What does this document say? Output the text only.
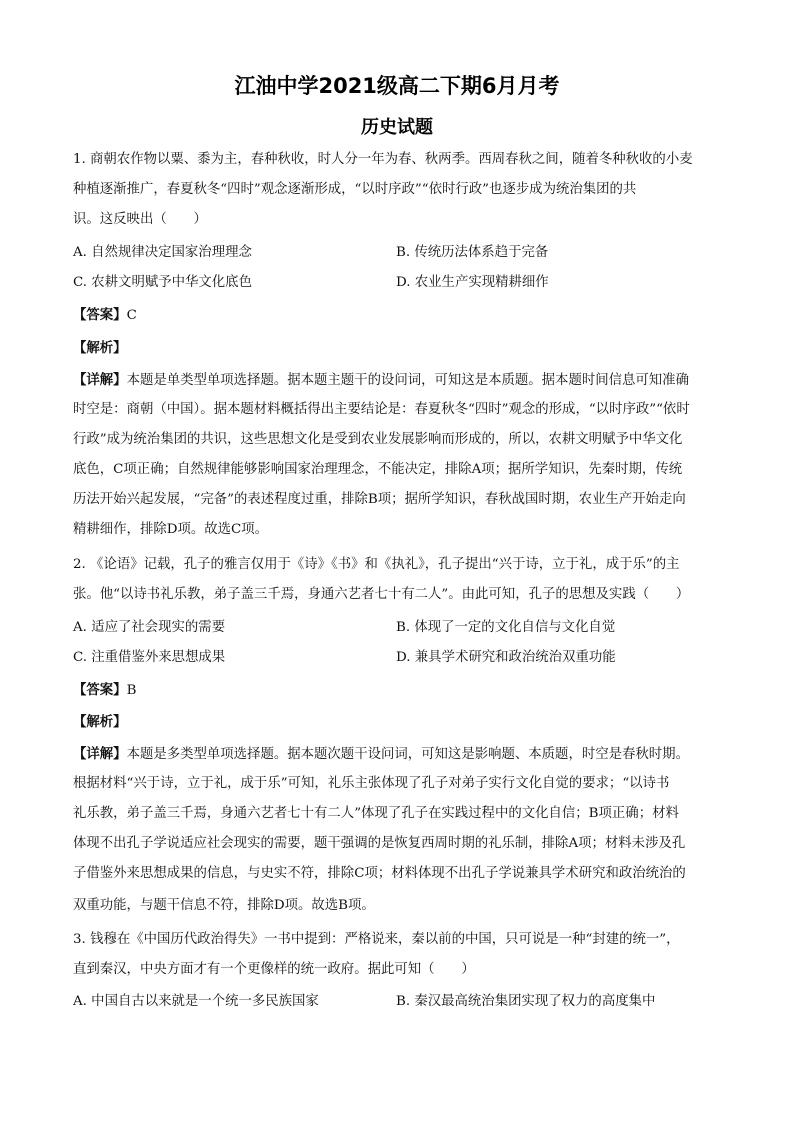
江油中学2021级高二下期6月月考
历史试题
1. 商朝农作物以粟、黍为主，春种秋收，时人分一年为春、秋两季。西周春秋之间，随着冬种秋收的小麦
种植逐渐推广，春夏秋冬“四时”观念逐渐形成，“以时序政”“依时行政”也逐步成为统治集团的共
识。这反映出（　　）
A. 自然规律决定国家治理理念	B. 传统历法体系趋于完备
C. 农耕文明赋予中华文化底色	D. 农业生产实现精耕细作
【答案】C
【解析】
【详解】本题是单类型单项选择题。据本题主题干的设问词，可知这是本质题。据本题时间信息可知准确
时空是：商朝（中国）。据本题材料概括得出主要结论是：春夏秋冬“四时”观念的形成，“以时序政”“依时
行政”成为统治集团的共识，这些思想文化是受到农业发展影响而形成的，所以，农耕文明赋予中华文化
底色，C项正确；自然规律能够影响国家治理理念，不能决定，排除A项；据所学知识，先秦时期，传统
历法开始兴起发展，“完备”的表述程度过重，排除B项；据所学知识，春秋战国时期，农业生产开始走向
精耕细作，排除D项。故选C项。
2. 《论语》记载，孔子的雅言仅用于《诗》《书》和《执礼》，孔子提出“兴于诗，立于礼，成于乐”的主
张。他“以诗书礼乐教，弟子盖三千焉，身通六艺者七十有二人”。由此可知，孔子的思想及实践（　　）
A. 适应了社会现实的需要	B. 体现了一定的文化自信与文化自觉
C. 注重借鉴外来思想成果	D. 兼具学术研究和政治统治双重功能
【答案】B
【解析】
【详解】本题是多类型单项选择题。据本题次题干设问词，可知这是影响题、本质题，时空是春秋时期。
根据材料“兴于诗，立于礼，成于乐”可知，礼乐主张体现了孔子对弟子实行文化自觉的要求；“以诗书
礼乐教，弟子盖三千焉，身通六艺者七十有二人”体现了孔子在实践过程中的文化自信；B项正确；材料
体现不出孔子学说适应社会现实的需要，题干强调的是恢复西周时期的礼乐制，排除A项；材料未涉及孔
子借鉴外来思想成果的信息，与史实不符，排除C项；材料体现不出孔子学说兼具学术研究和政治统治的
双重功能，与题干信息不符，排除D项。故选B项。
3. 钱穆在《中国历代政治得失》一书中提到：严格说来，秦以前的中国，只可说是一种“封建的统一”，
直到秦汉，中央方面才有一个更像样的统一政府。据此可知（　　）
A. 中国自古以来就是一个统一多民族国家	B. 秦汉最高统治集团实现了权力的高度集中
